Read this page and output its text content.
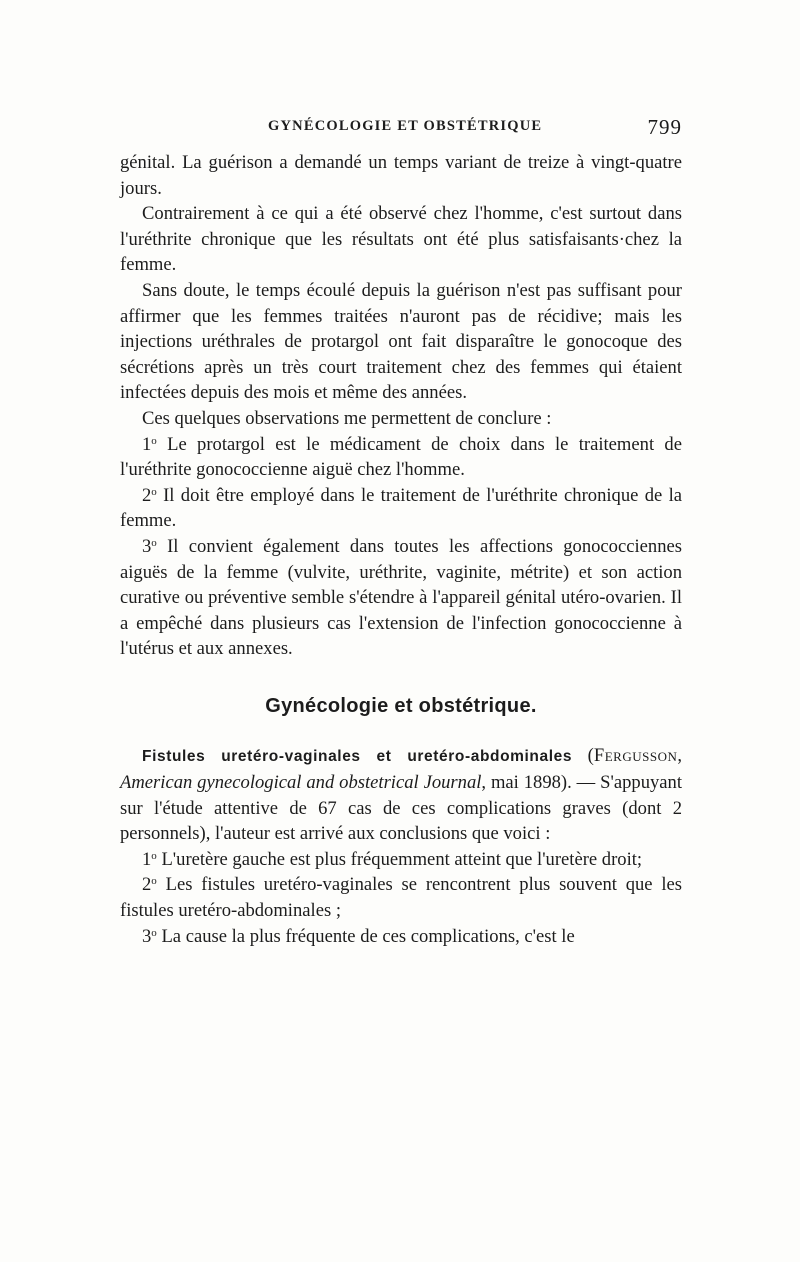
GYNÉCOLOGIE ET OBSTÉTRIQUE	799

génital. La guérison a demandé un temps variant de treize à vingt-quatre jours.

Contrairement à ce qui a été observé chez l'homme, c'est surtout dans l'uréthrite chronique que les résultats ont été plus satisfaisants·chez la femme.

Sans doute, le temps écoulé depuis la guérison n'est pas suffisant pour affirmer que les femmes traitées n'auront pas de récidive; mais les injections uréthrales de protargol ont fait disparaître le gonocoque des sécrétions après un très court traitement chez des femmes qui étaient infectées depuis des mois et même des années.

Ces quelques observations me permettent de conclure :

1$^o$ Le protargol est le médicament de choix dans le traitement de l'uréthrite gonococcienne aiguë chez l'homme.

2$^o$ Il doit être employé dans le traitement de l'uréthrite chronique de la femme.

3$^o$ Il convient également dans toutes les affections gonococciennes aiguës de la femme (vulvite, uréthrite, vaginite, métrite) et son action curative ou préventive semble s'étendre à l'appareil génital utéro-ovarien. Il a empêché dans plusieurs cas l'extension de l'infection gonococcienne à l'utérus et aux annexes.

Gynécologie et obstétrique.

Fistules uretéro-vaginales et uretéro-abdominales (Fergusson, American gynecological and obstetrical Journal, mai 1898). — S'appuyant sur l'étude attentive de 67 cas de ces complications graves (dont 2 personnels), l'auteur est arrivé aux conclusions que voici :

1$^o$ L'uretère gauche est plus fréquemment atteint que l'uretère droit;

2$^o$ Les fistules uretéro-vaginales se rencontrent plus souvent que les fistules uretéro-abdominales ;

3$^o$ La cause la plus fréquente de ces complications, c'est le
